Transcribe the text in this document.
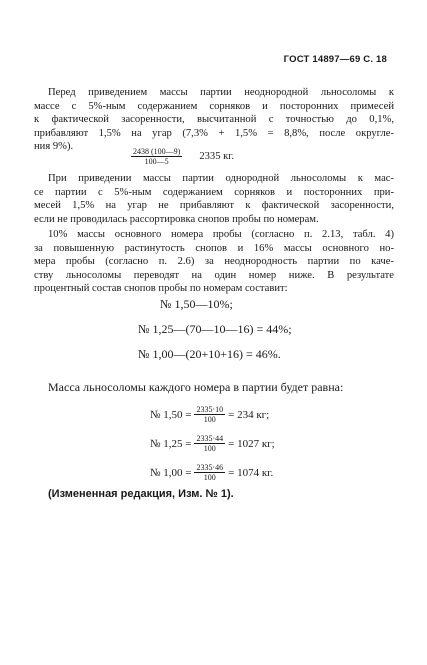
ГОСТ 14897—69 С. 18

Перед приведением массы партии неоднородной льносоломы к
массе с 5%-ным содержанием сорняков и посторонних примесей
к фактической засоренности, высчитанной с точностью до 0,1%,
прибавляют 1,5% на угар (7,3% + 1,5% = 8,8%, после округле-
ния 9%).

$\frac{2438 (100—9)}{100—5} 2335$ кг.

При приведении массы партии однородной льносоломы к мас-
се партии с 5%-ным содержанием сорняков и посторонних при-
месей 1,5% на угар не прибавляют к фактической засоренности,
если не проводилась рассортировка снопов пробы по номерам.

10% массы основного номера пробы (согласно п. 2.13, табл. 4)
за повышенную растинутость снопов и 16% массы основного но-
мера пробы (согласно п. 2.6) за неоднородность партии по каче-
ству льносоломы переводят на один номер ниже. В результате
процентный состав снопов пробы по номерам составит:

№ 1,50—10%;
№ 1,25—(70—10—16) = 44%;
№ 1,00—(20+10+16) = 46%.
Масса льносоломы каждого номера в партии будет равна:
№ $1,50 = \frac{2335\cdot 10}{100} = 234$ кг;
№ $1,25 = \frac{2335\cdot 44}{100} = 1027$ кг;
№ $1,00 = \frac{2335\cdot 46}{100} = 1074$ кг.
(Измененная редакция, Изм. № 1).
